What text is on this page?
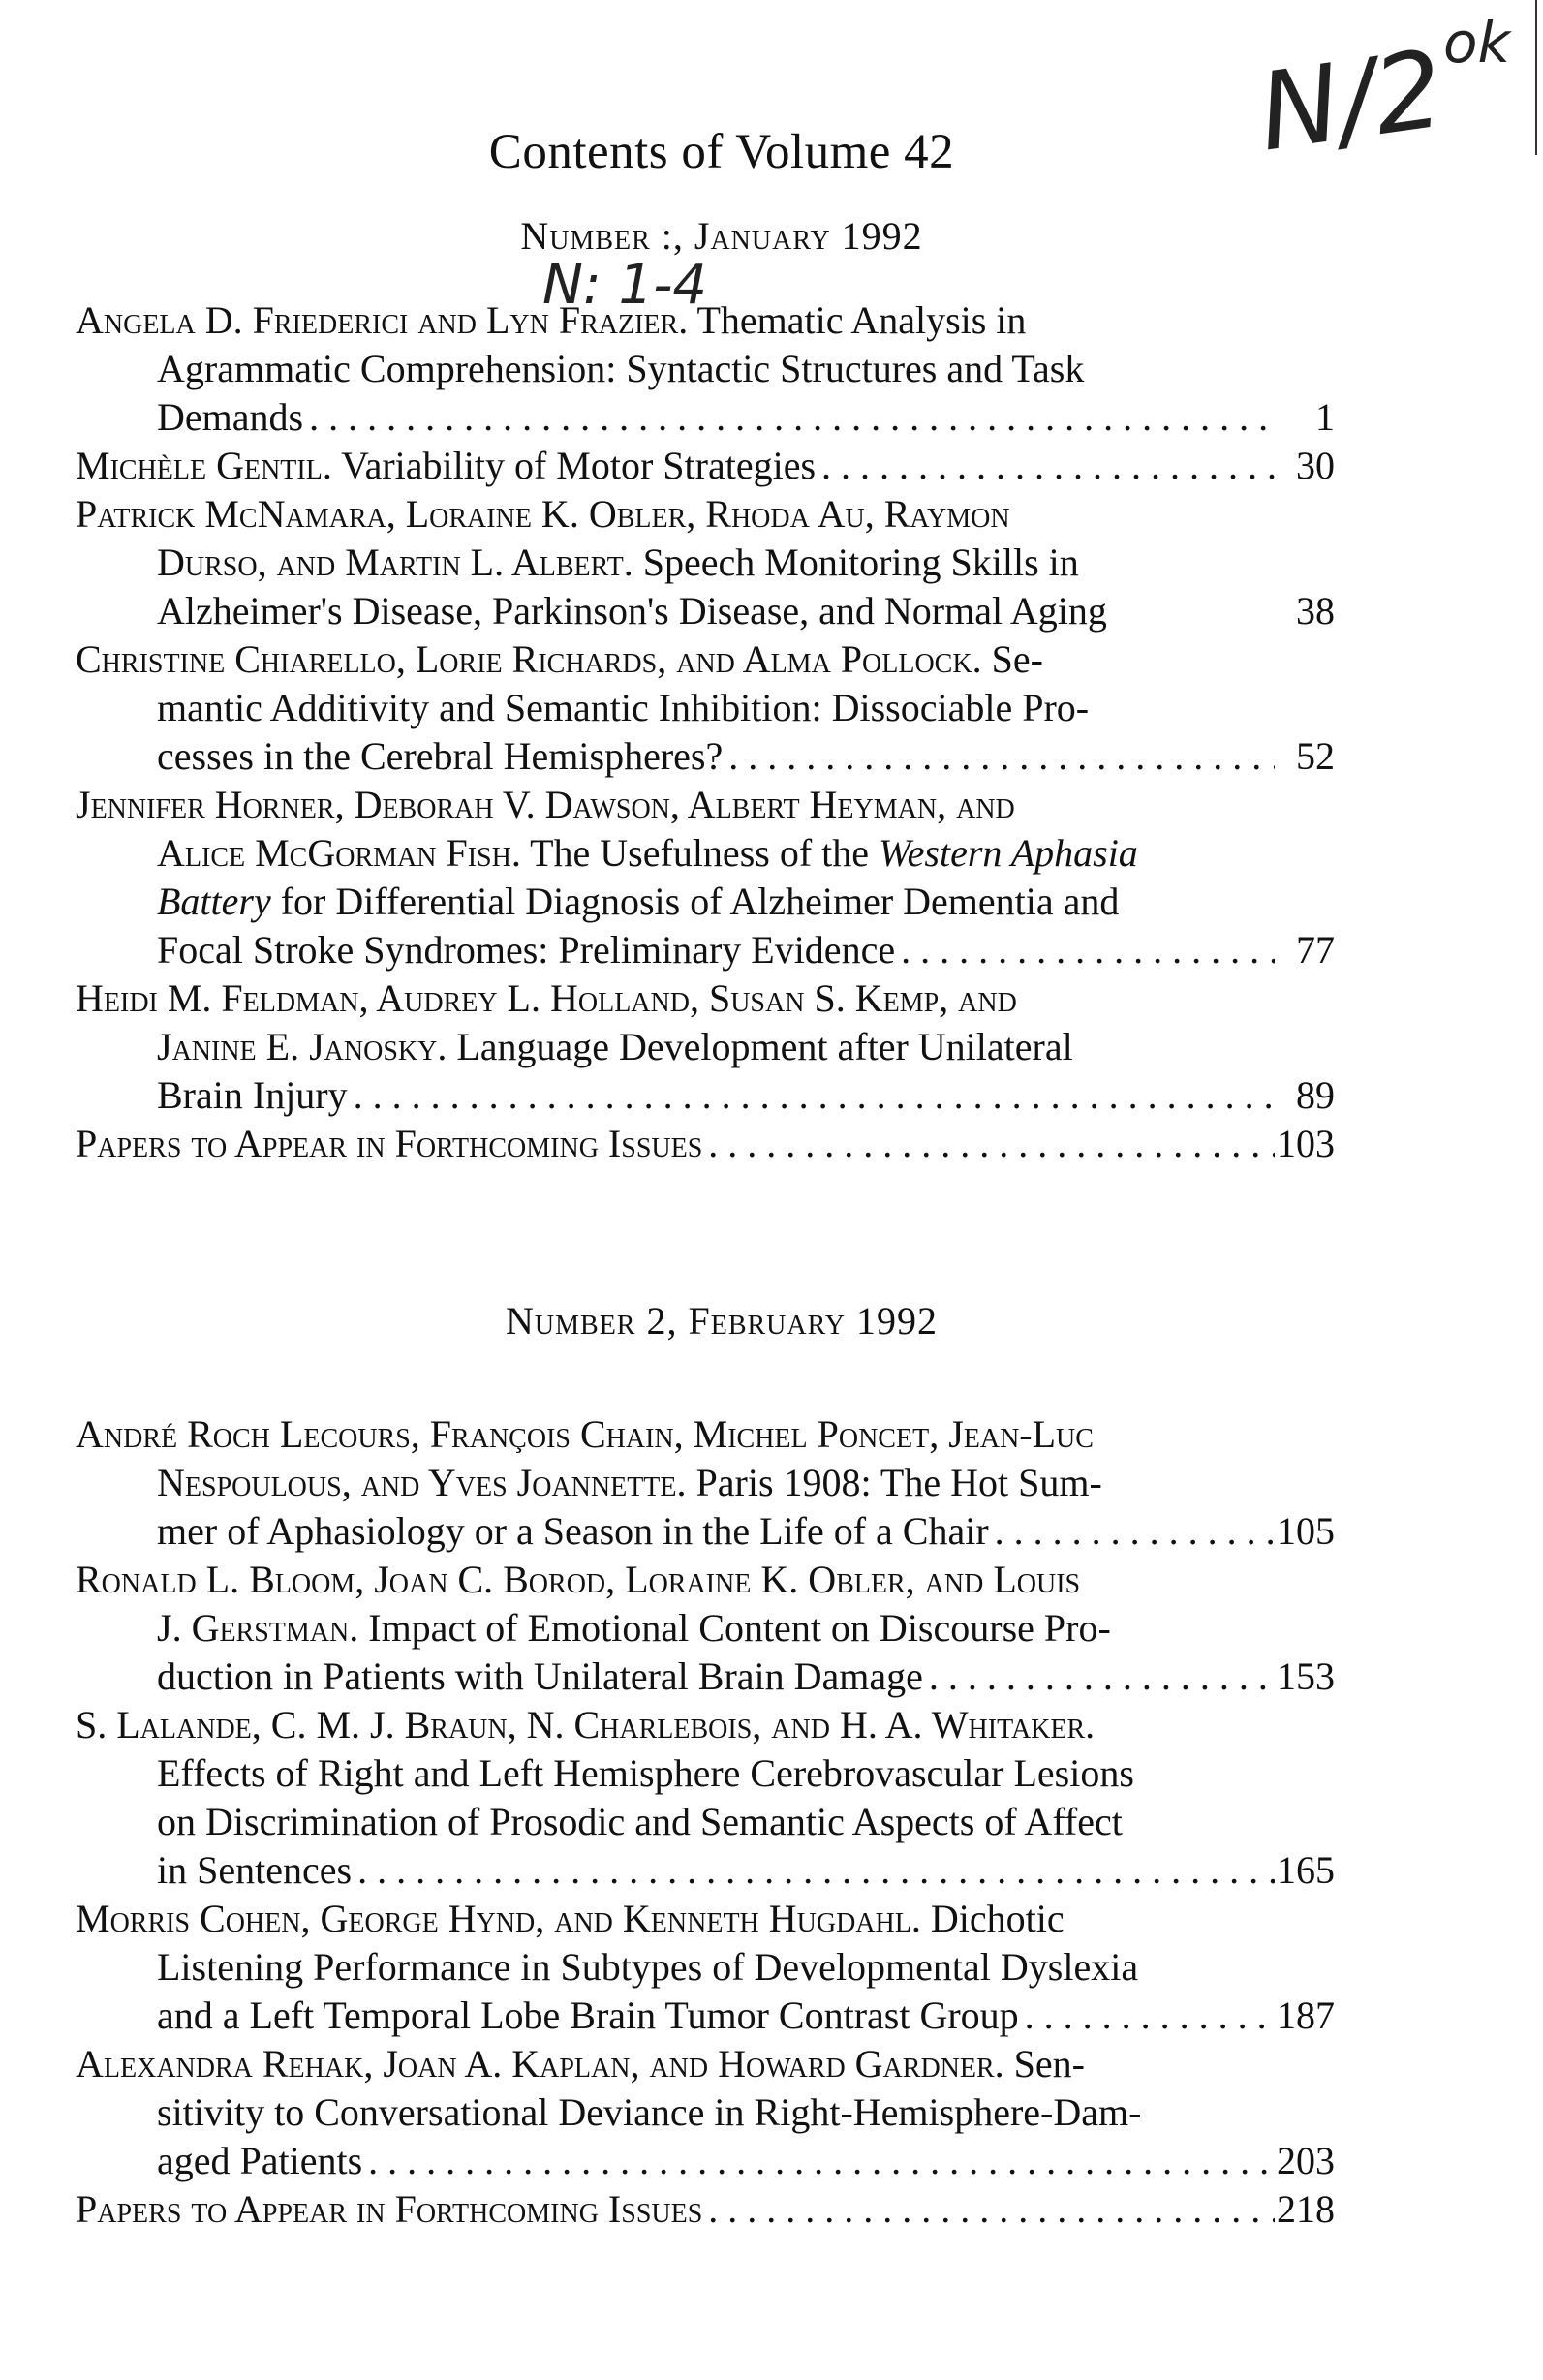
N/2
ok
Contents of Volume 42
Number :, January 1992
N: 1-4
Angela D. Friederici and Lyn Frazier. Thematic Analysis in
Agrammatic Comprehension: Syntactic Structures and Task
Demands . . .	1
Michèle Gentil. Variability of Motor Strategies . . .	30
Patrick McNamara, Loraine K. Obler, Rhoda Au, Raymon
Durso, and Martin L. Albert. Speech Monitoring Skills in
Alzheimer's Disease, Parkinson's Disease, and Normal Aging	38
Christine Chiarello, Lorie Richards, and Alma Pollock. Se-
mantic Additivity and Semantic Inhibition: Dissociable Pro-
cesses in the Cerebral Hemispheres? . . .	52
Jennifer Horner, Deborah V. Dawson, Albert Heyman, and
Alice McGorman Fish. The Usefulness of the Western Aphasia
Battery for Differential Diagnosis of Alzheimer Dementia and
Focal Stroke Syndromes: Preliminary Evidence . . .	77
Heidi M. Feldman, Audrey L. Holland, Susan S. Kemp, and
Janine E. Janosky. Language Development after Unilateral
Brain Injury . . .	89
Papers to Appear in Forthcoming Issues . . .	103
Number 2, February 1992
André Roch Lecours, François Chain, Michel Poncet, Jean-Luc
Nespoulous, and Yves Joannette. Paris 1908: The Hot Sum-
mer of Aphasiology or a Season in the Life of a Chair . . .	105
Ronald L. Bloom, Joan C. Borod, Loraine K. Obler, and Louis
J. Gerstman. Impact of Emotional Content on Discourse Pro-
duction in Patients with Unilateral Brain Damage . . .	153
S. Lalande, C. M. J. Braun, N. Charlebois, and H. A. Whitaker.
Effects of Right and Left Hemisphere Cerebrovascular Lesions
on Discrimination of Prosodic and Semantic Aspects of Affect
in Sentences . . .	165
Morris Cohen, George Hynd, and Kenneth Hugdahl. Dichotic
Listening Performance in Subtypes of Developmental Dyslexia
and a Left Temporal Lobe Brain Tumor Contrast Group . . .	187
Alexandra Rehak, Joan A. Kaplan, and Howard Gardner. Sen-
sitivity to Conversational Deviance in Right-Hemisphere-Dam-
aged Patients . . .	203
Papers to Appear in Forthcoming Issues . . .	218
